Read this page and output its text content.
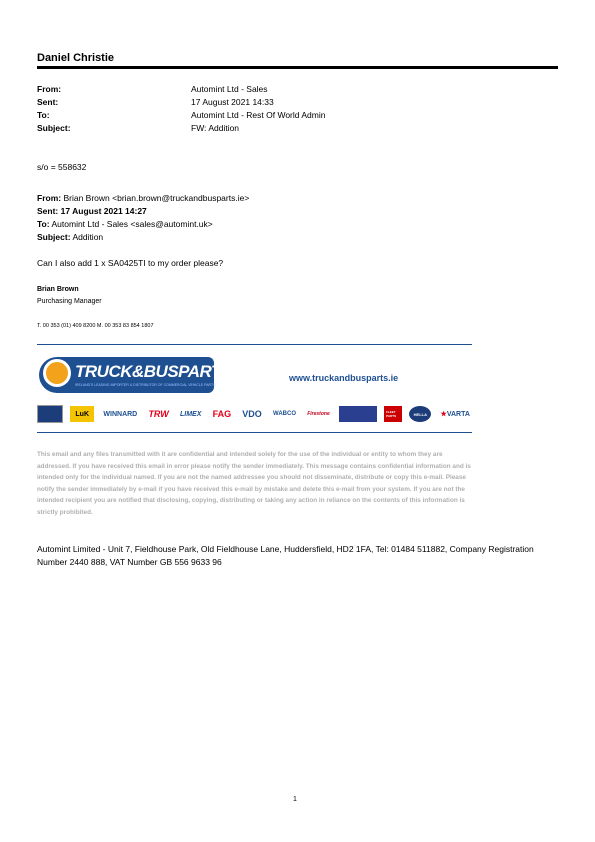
Daniel Christie
From:	Automint Ltd - Sales
Sent:	17 August 2021 14:33
To:	Automint Ltd - Rest Of World Admin
Subject:	FW: Addition
s/o = 558632
From: Brian Brown <brian.brown@truckandbusparts.ie>
Sent: 17 August 2021 14:27
To: Automint Ltd - Sales <sales@automint.uk>
Subject: Addition
Can I also add 1 x SA0425TI to my order please?
Brian Brown
Purchasing Manager
T. 00 353 (01) 409 8200 M. 00 353 83 854 1807
TRUCK&BUSPARTS
IRELAND'S LEADING IMPORTER & DISTRIBUTOR OF COMMERCIAL VEHICLE PARTS
www.truckandbusparts.ie
LuK	WINNARD TRW LIMEX FAG VDO	WABCO	Firestone	FLEET PARTS	HELLA	★ VARTA
This email and any files transmitted with it are confidential and intended solely for the use of the individual or entity to whom they are addressed. If you have received this email in error please notify the sender immediately. This message contains confidential information and is intended only for the individual named. If you are not the named addressee you should not disseminate, distribute or copy this e-mail. Please notify the sender immediately by e-mail if you have received this e-mail by mistake and delete this e-mail from your system. If you are not the intended recipient you are notified that disclosing, copying, distributing or taking any action in reliance on the contents of this information is strictly prohibited.
Automint Limited - Unit 7, Fieldhouse Park, Old Fieldhouse Lane, Huddersfield, HD2 1FA, Tel: 01484 511882, Company Registration Number 2440 888, VAT Number GB 556 9633 96
1
